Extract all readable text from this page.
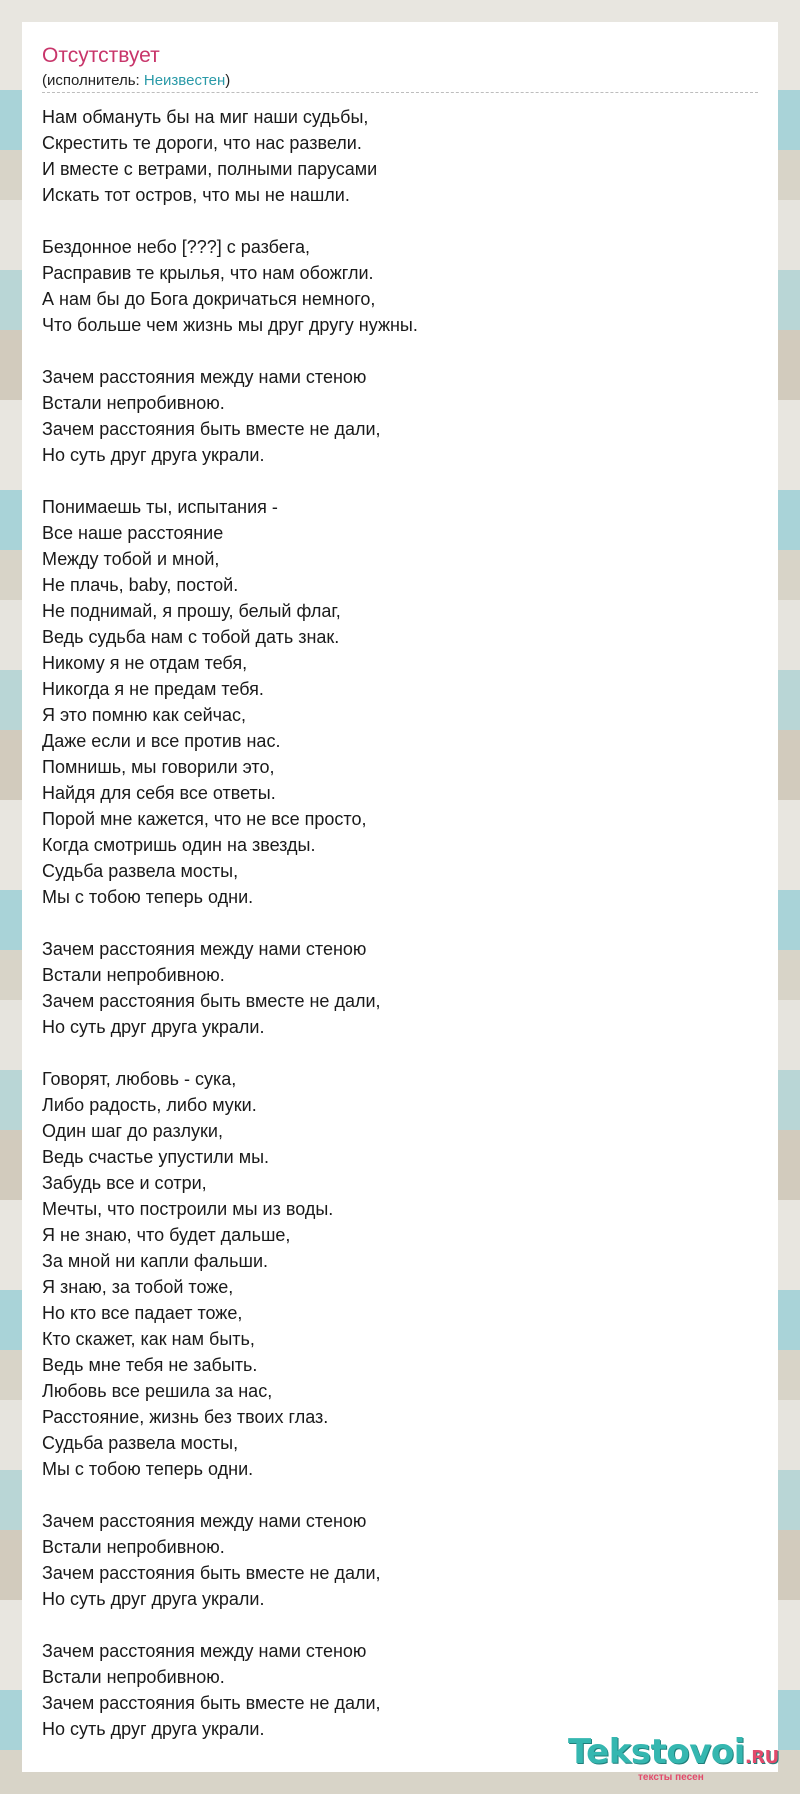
Отсутствует
(исполнитель: Неизвестен)
Нам обмануть бы на миг наши судьбы,
Скрестить те дороги, что нас развели.
И вместе с ветрами, полными парусами
Искать тот остров, что мы не нашли.
Бездонное небо [???] с разбега,
Расправив те крылья, что нам обожгли.
А нам бы до Бога докричаться немного,
Что больше чем жизнь мы друг другу нужны.
Зачем расстояния между нами стеною
Встали непробивною.
Зачем расстояния быть вместе не дали,
Но суть друг друга украли.
Понимаешь ты, испытания -
Все наше расстояние
Между тобой и мной,
Не плачь, baby, постой.
Не поднимай, я прошу, белый флаг,
Ведь судьба нам с тобой дать знак.
Никому я не отдам тебя,
Никогда я не предам тебя.
Я это помню как сейчас,
Даже если и все против нас.
Помнишь, мы говорили это,
Найдя для себя все ответы.
Порой мне кажется, что не все просто,
Когда смотришь один на звезды.
Судьба развела мосты,
Мы с тобою теперь одни.
Зачем расстояния между нами стеною
Встали непробивною.
Зачем расстояния быть вместе не дали,
Но суть друг друга украли.
Говорят, любовь - сука,
Либо радость, либо муки.
Один шаг до разлуки,
Ведь счастье упустили мы.
Забудь все и сотри,
Мечты, что построили мы из воды.
Я не знаю, что будет дальше,
За мной ни капли фальши.
Я знаю, за тобой тоже,
Но кто все падает тоже,
Кто скажет, как нам быть,
Ведь мне тебя не забыть.
Любовь все решила за нас,
Расстояние, жизнь без твоих глаз.
Судьба развела мосты,
Мы с тобою теперь одни.
Зачем расстояния между нами стеною
Встали непробивною.
Зачем расстояния быть вместе не дали,
Но суть друг друга украли.
Зачем расстояния между нами стеною
Встали непробивною.
Зачем расстояния быть вместе не дали,
Но суть друг друга украли.
Tekstovoi.RU
тексты песен
